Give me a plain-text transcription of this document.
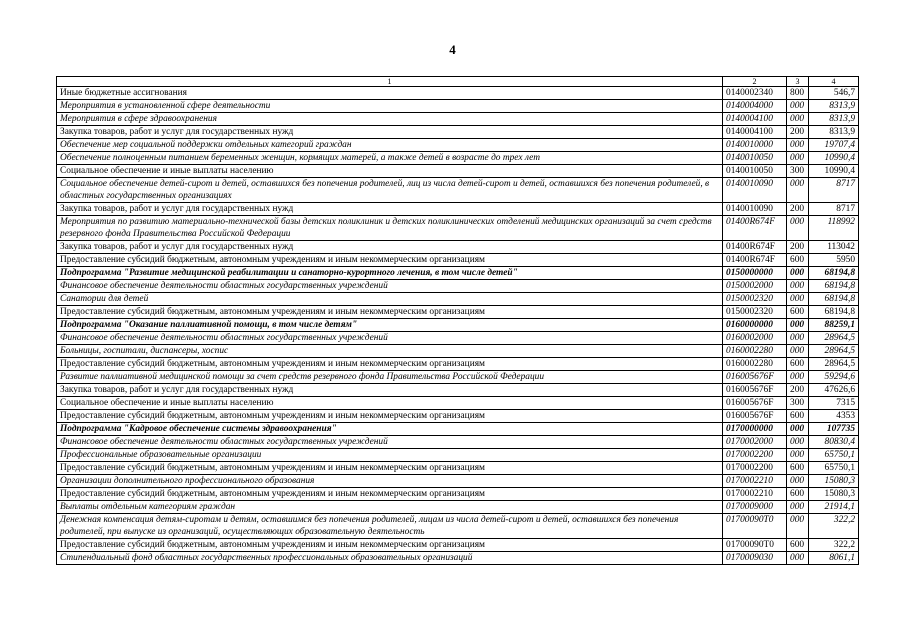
4
1	2	3	4
Иные бюджетные ассигнования	0140002340	800	546,7
Мероприятия в установленной сфере деятельности	0140004000	000	8313,9
Мероприятия в сфере здравоохранения	0140004100	000	8313,9
Закупка товаров, работ и услуг для государственных нужд	0140004100	200	8313,9
Обеспечение мер социальной поддержки отдельных категорий граждан	0140010000	000	19707,4
Обеспечение полноценным питанием беременных женщин, кормящих матерей, а также детей в возрасте до трех лет	0140010050	000	10990,4
Социальное обеспечение и иные выплаты населению	0140010050	300	10990,4
Социальное обеспечение детей-сирот и детей, оставшихся без попечения родителей, лиц из числа детей-сирот и детей, оставшихся без попечения родителей, в областных государственных организациях	0140010090	000	8717
Закупка товаров, работ и услуг для государственных нужд	0140010090	200	8717
Мероприятия по развитию материально-технической базы детских поликлиник и детских поликлинических отделений медицинских организаций за счет средств резервного фонда Правительства Российской Федерации	01400R674F	000	118992
Закупка товаров, работ и услуг для государственных нужд	01400R674F	200	113042
Предоставление субсидий бюджетным, автономным учреждениям и иным некоммерческим организациям	01400R674F	600	5950
Подпрограмма "Развитие медицинской реабилитации и санаторно-курортного лечения, в том числе детей"	0150000000	000	68194,8
Финансовое обеспечение деятельности областных государственных учреждений	0150002000	000	68194,8
Санатории для детей	0150002320	000	68194,8
Предоставление субсидий бюджетным, автономным учреждениям и иным некоммерческим организациям	0150002320	600	68194,8
Подпрограмма "Оказание паллиативной помощи, в том числе детям"	0160000000	000	88259,1
Финансовое обеспечение деятельности областных государственных учреждений	0160002000	000	28964,5
Больницы, госпитали, диспансеры, хоспис	0160002280	000	28964,5
Предоставление субсидий бюджетным, автономным учреждениям и иным некоммерческим организациям	0160002280	600	28964,5
Развитие паллиативной медицинской помощи за счет средств резервного фонда Правительства Российской Федерации	016005676F	000	59294,6
Закупка товаров, работ и услуг для государственных нужд	016005676F	200	47626,6
Социальное обеспечение и иные выплаты населению	016005676F	300	7315
Предоставление субсидий бюджетным, автономным учреждениям и иным некоммерческим организациям	016005676F	600	4353
Подпрограмма "Кадровое обеспечение системы здравоохранения"	0170000000	000	107735
Финансовое обеспечение деятельности областных государственных учреждений	0170002000	000	80830,4
Профессиональные образовательные организации	0170002200	000	65750,1
Предоставление субсидий бюджетным, автономным учреждениям и иным некоммерческим организациям	0170002200	600	65750,1
Организации дополнительного профессионального образования	0170002210	000	15080,3
Предоставление субсидий бюджетным, автономным учреждениям и иным некоммерческим организациям	0170002210	600	15080,3
Выплаты отдельным категориям граждан	0170009000	000	21914,1
Денежная компенсация детям-сиротам и детям, оставшимся без попечения родителей, лицам из числа детей-сирот и детей, оставшихся без попечения родителей, при выпуске из организаций, осуществляющих образовательную деятельность	01700090T0	000	322,2
Предоставление субсидий бюджетным, автономным учреждениям и иным некоммерческим организациям	01700090T0	600	322,2
Стипендиальный фонд областных государственных профессиональных образовательных организаций	0170009030	000	8061,1
